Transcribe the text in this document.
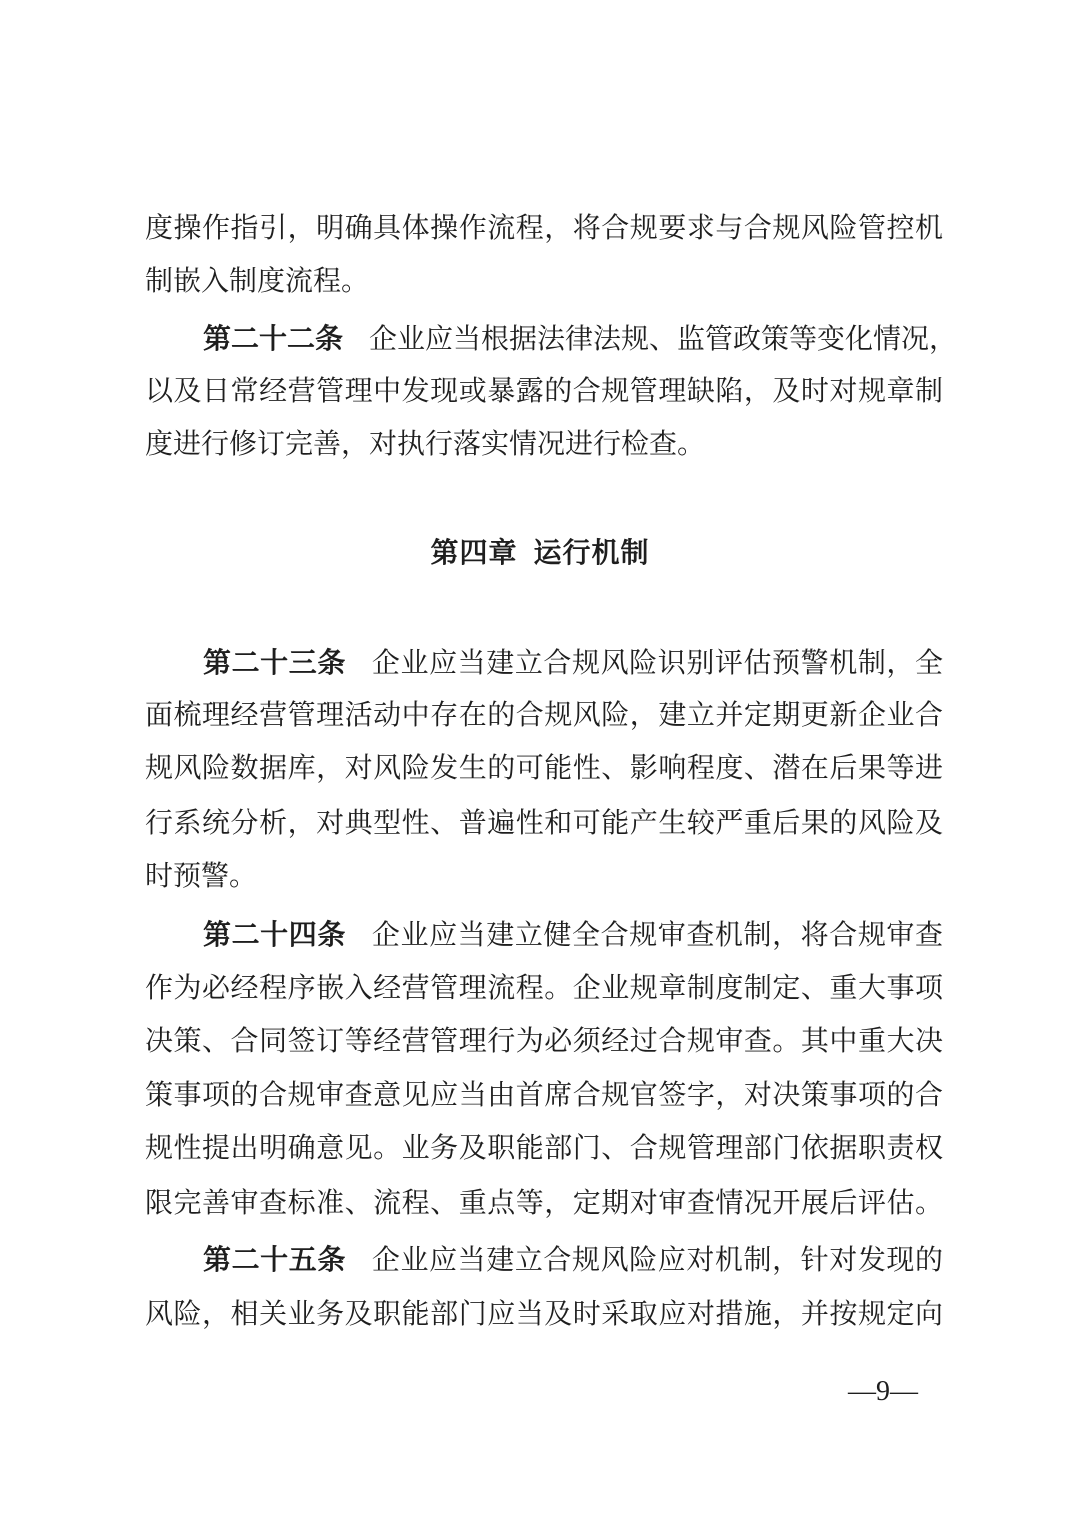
度操作指引，明确具体操作流程，将合规要求与合规风险管控机
制嵌入制度流程。
第二十二条 企业应当根据法律法规、监管政策等变化情况，
以及日常经营管理中发现或暴露的合规管理缺陷，及时对规章制
度进行修订完善，对执行落实情况进行检查。
第四章 运行机制
第二十三条 企业应当建立合规风险识别评估预警机制，全
面梳理经营管理活动中存在的合规风险，建立并定期更新企业合
规风险数据库，对风险发生的可能性、影响程度、潜在后果等进
行系统分析，对典型性、普遍性和可能产生较严重后果的风险及
时预警。
第二十四条 企业应当建立健全合规审查机制，将合规审查
作为必经程序嵌入经营管理流程。企业规章制度制定、重大事项
决策、合同签订等经营管理行为必须经过合规审查。其中重大决
策事项的合规审查意见应当由首席合规官签字，对决策事项的合
规性提出明确意见。业务及职能部门、合规管理部门依据职责权
限完善审查标准、流程、重点等，定期对审查情况开展后评估。
第二十五条 企业应当建立合规风险应对机制，针对发现的
风险，相关业务及职能部门应当及时采取应对措施，并按规定向
—9—
